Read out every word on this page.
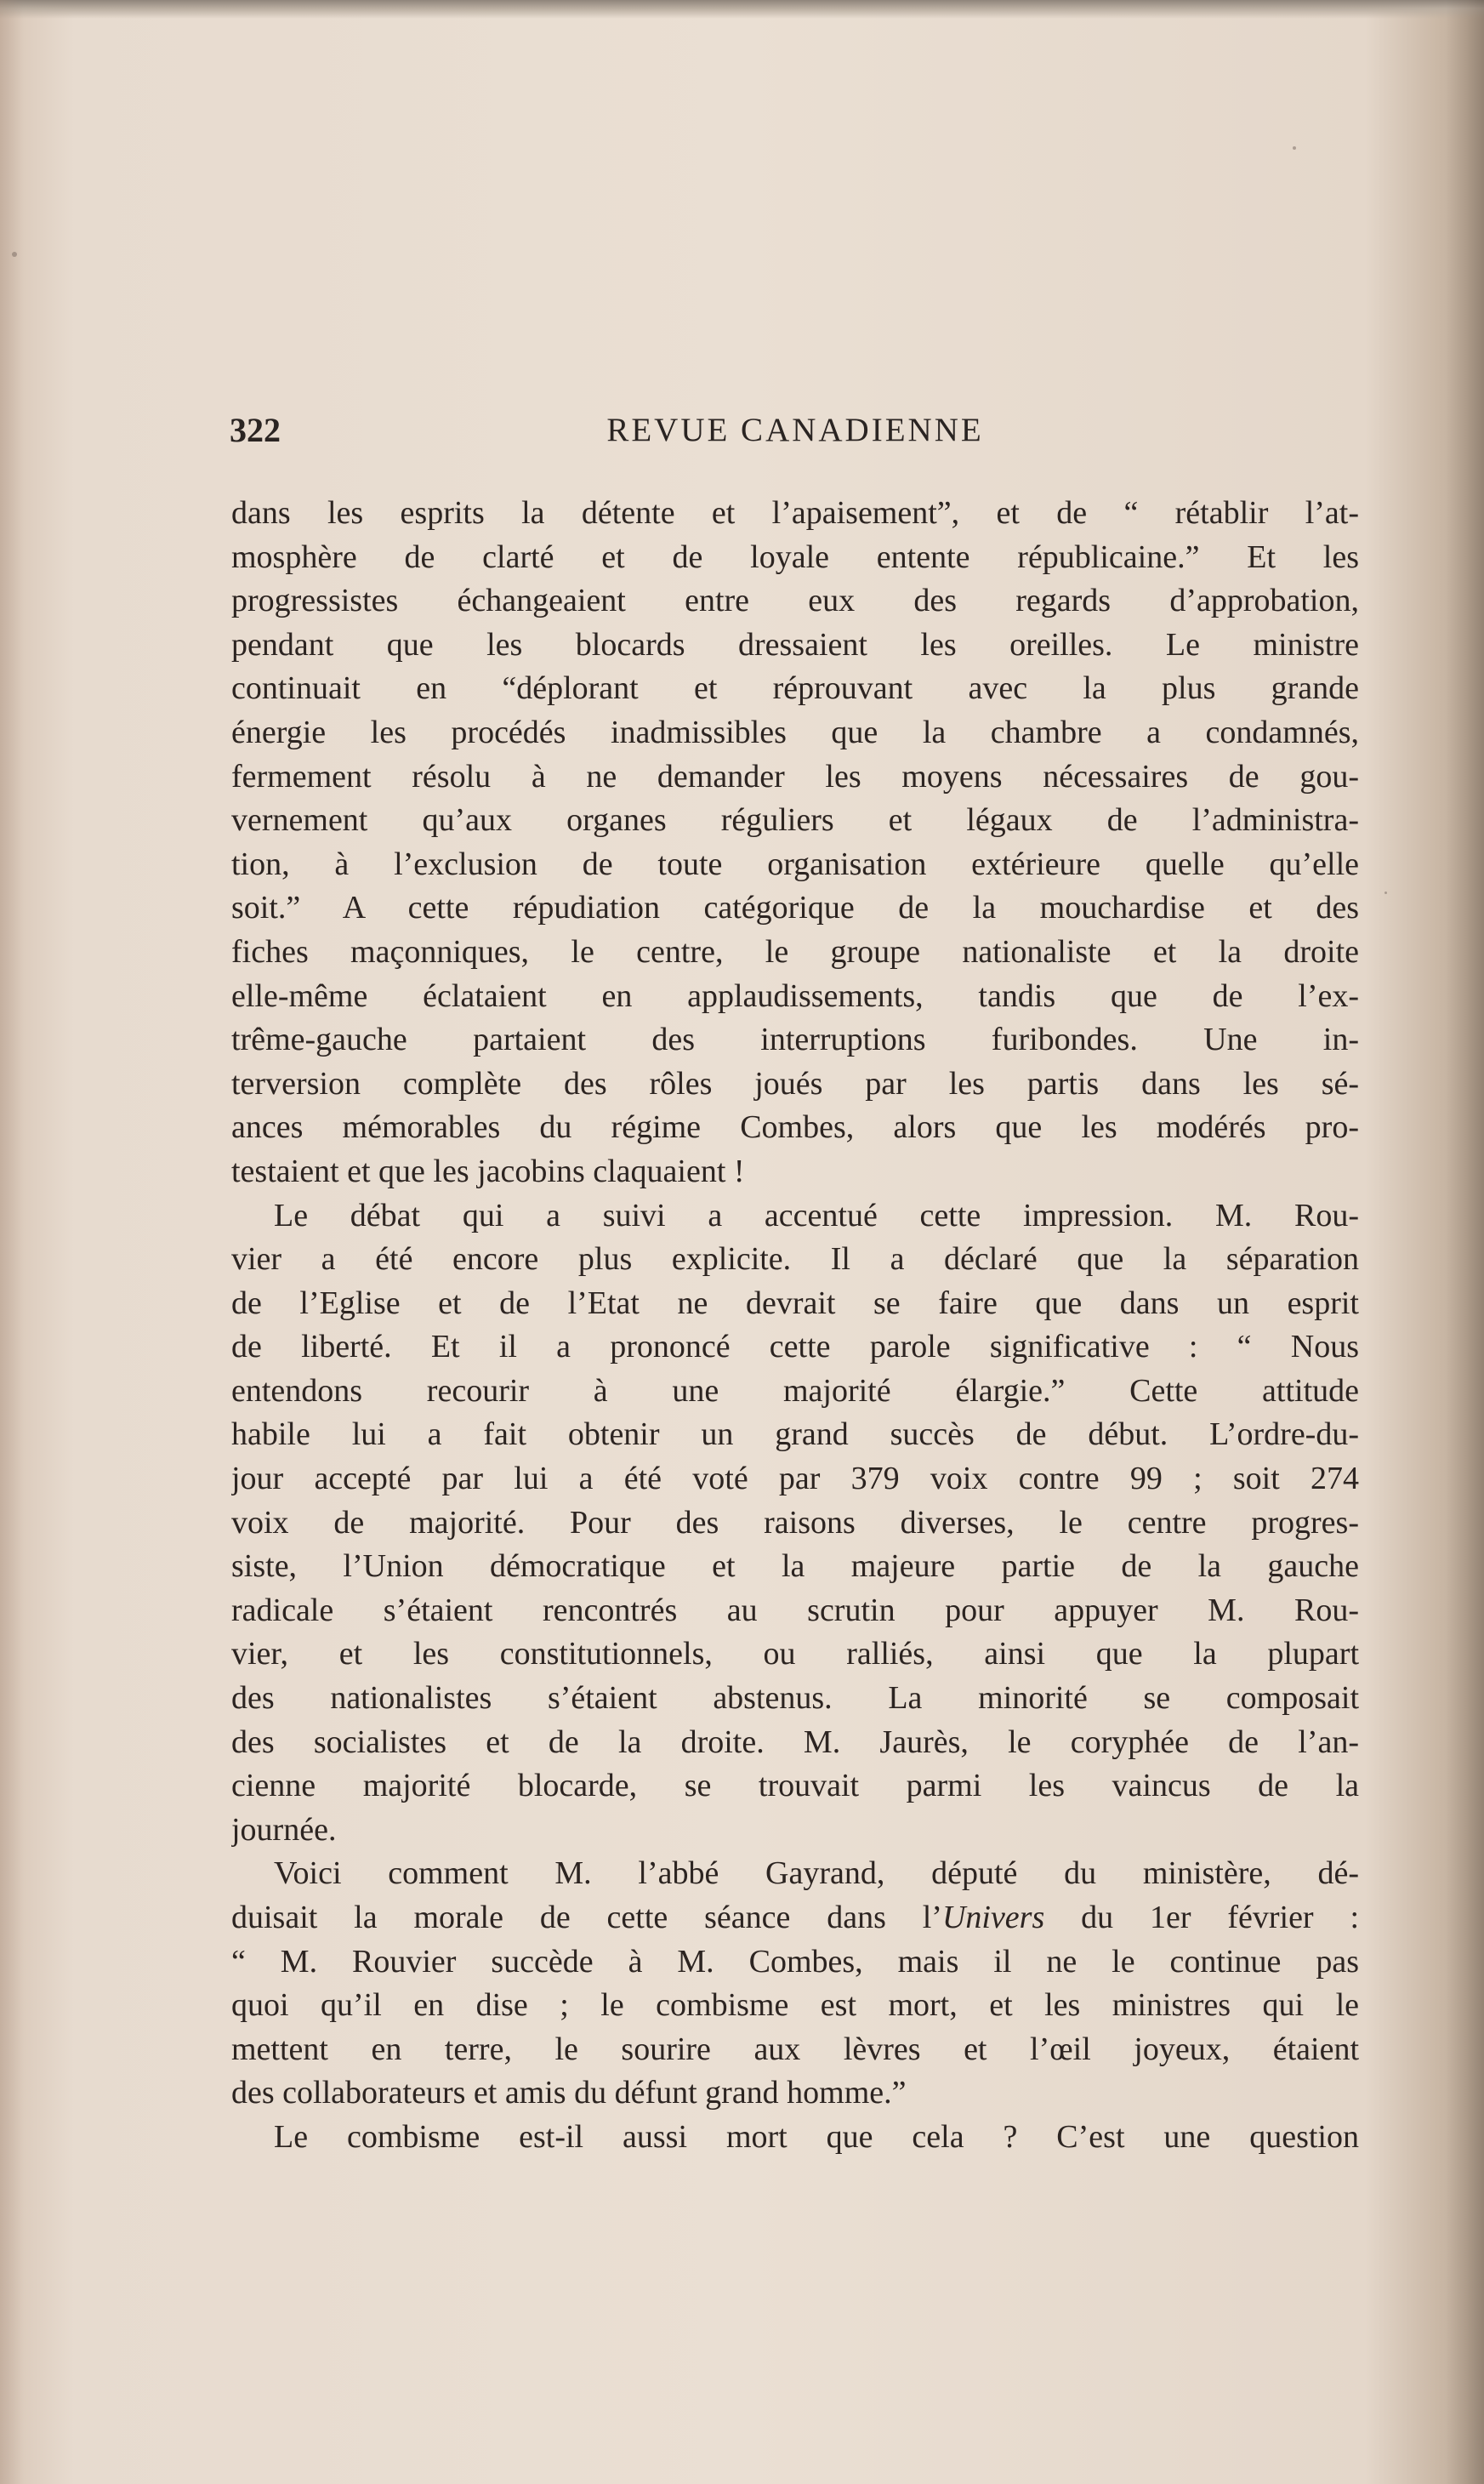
322	REVUE CANADIENNE
dans les esprits la détente et l’apaisement”, et de “ rétablir l’at-
mosphère de clarté et de loyale entente républicaine.” Et les
progressistes échangeaient entre eux des regards d’approbation,
pendant que les blocards dressaient les oreilles. Le ministre
continuait en “déplorant et réprouvant avec la plus grande
énergie les procédés inadmissibles que la chambre a condamnés,
fermement résolu à ne demander les moyens nécessaires de gou-
vernement qu’aux organes réguliers et légaux de l’administra-
tion, à l’exclusion de toute organisation extérieure quelle qu’elle
soit.” A cette répudiation catégorique de la mouchardise et des
fiches maçonniques, le centre, le groupe nationaliste et la droite
elle-même éclataient en applaudissements, tandis que de l’ex-
trême-gauche partaient des interruptions furibondes. Une in-
terversion complète des rôles joués par les partis dans les sé-
ances mémorables du régime Combes, alors que les modérés pro-
testaient et que les jacobins claquaient !
Le débat qui a suivi a accentué cette impression. M. Rou-
vier a été encore plus explicite. Il a déclaré que la séparation
de l’Eglise et de l’Etat ne devrait se faire que dans un esprit
de liberté. Et il a prononcé cette parole significative : “ Nous
entendons recourir à une majorité élargie.” Cette attitude
habile lui a fait obtenir un grand succès de début. L’ordre-du-
jour accepté par lui a été voté par 379 voix contre 99 ; soit 274
voix de majorité. Pour des raisons diverses, le centre progres-
siste, l’Union démocratique et la majeure partie de la gauche
radicale s’étaient rencontrés au scrutin pour appuyer M. Rou-
vier, et les constitutionnels, ou ralliés, ainsi que la plupart
des nationalistes s’étaient abstenus. La minorité se composait
des socialistes et de la droite. M. Jaurès, le coryphée de l’an-
cienne majorité blocarde, se trouvait parmi les vaincus de la
journée.
Voici comment M. l’abbé Gayrand, député du ministère, dé-
duisait la morale de cette séance dans l’Univers du 1er février :
“ M. Rouvier succède à M. Combes, mais il ne le continue pas
quoi qu’il en dise ; le combisme est mort, et les ministres qui le
mettent en terre, le sourire aux lèvres et l’œil joyeux, étaient
des collaborateurs et amis du défunt grand homme.”
Le combisme est-il aussi mort que cela ? C’est une question
